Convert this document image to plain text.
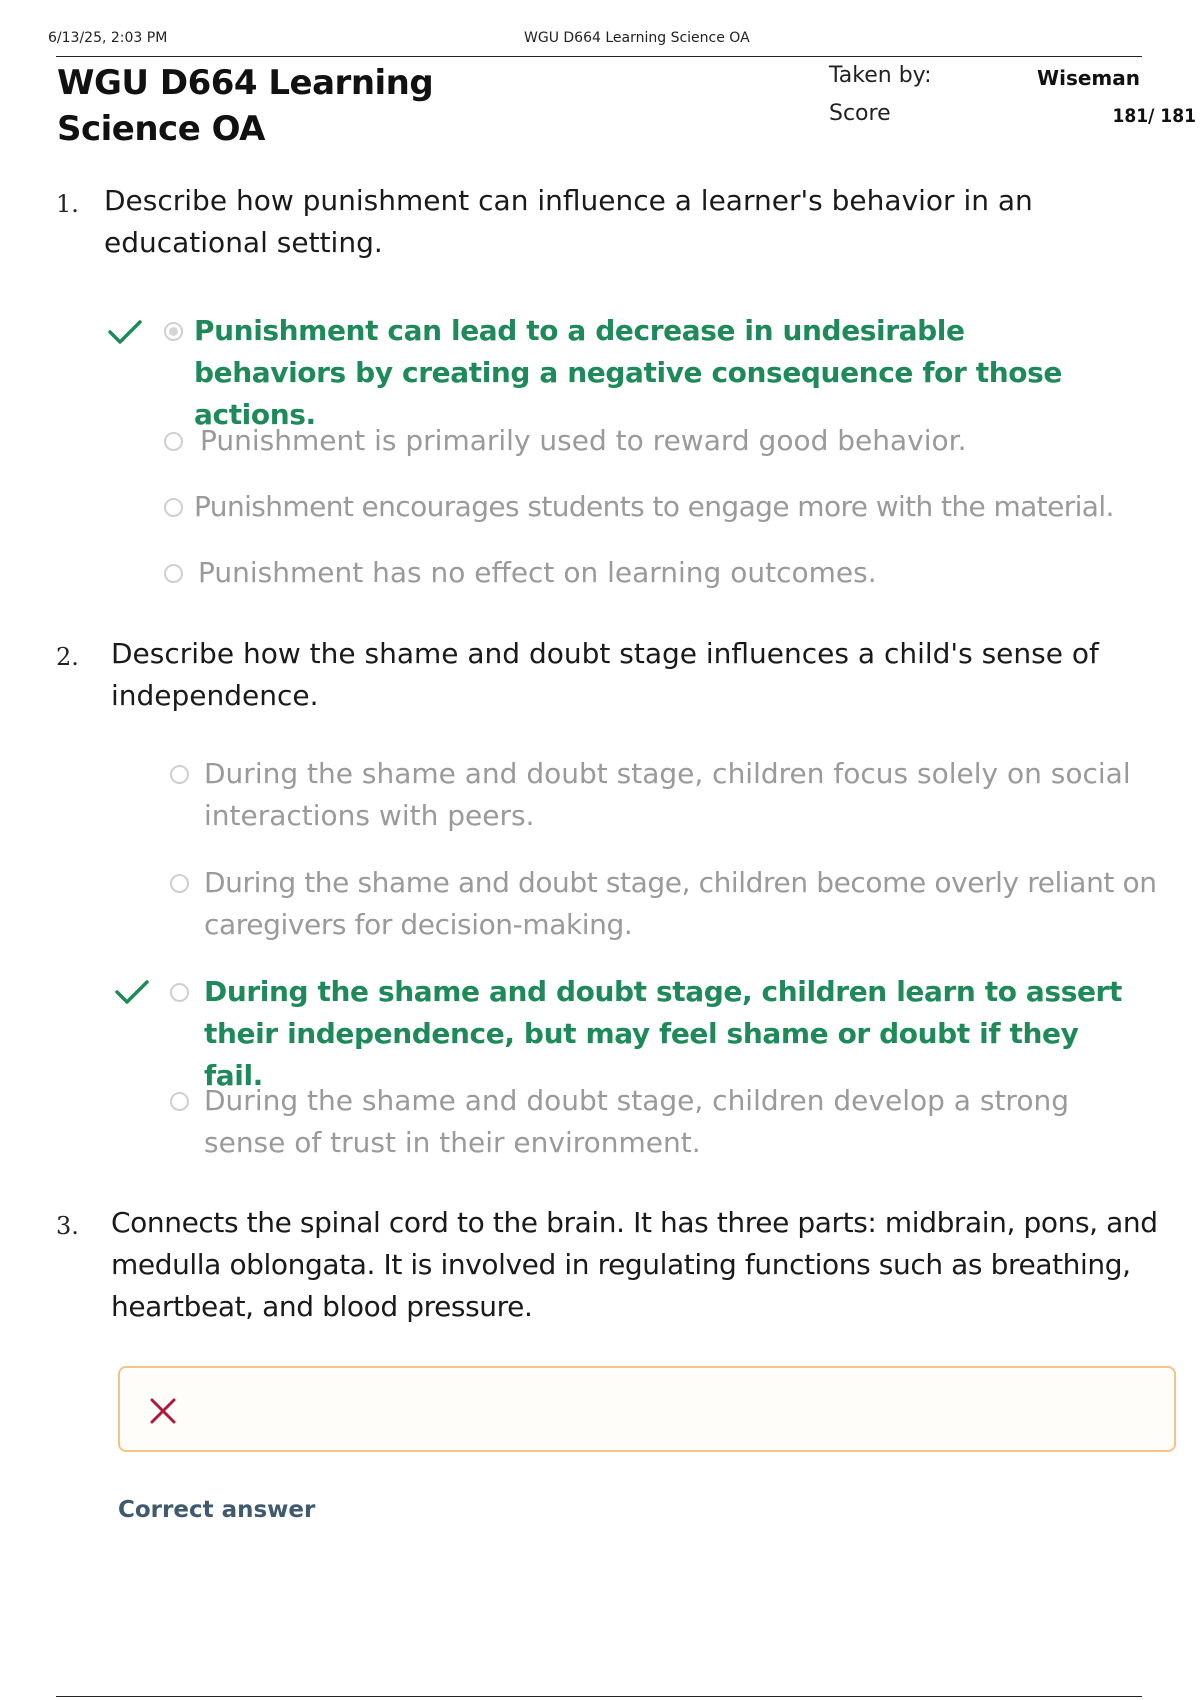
6/13/25, 2:03 PM	WGU D664 Learning Science OA
WGU D664 Learning Science OA
Taken by:	Wiseman
Score	181/ 181
1. Describe how punishment can influence a learner's behavior in an educational setting.
Punishment can lead to a decrease in undesirable behaviors by creating a negative consequence for those actions.
Punishment is primarily used to reward good behavior.
Punishment encourages students to engage more with the material.
Punishment has no effect on learning outcomes.
2. Describe how the shame and doubt stage influences a child's sense of independence.
During the shame and doubt stage, children focus solely on social interactions with peers.
During the shame and doubt stage, children become overly reliant on caregivers for decision-making.
During the shame and doubt stage, children learn to assert their independence, but may feel shame or doubt if they fail.
During the shame and doubt stage, children develop a strong sense of trust in their environment.
3. Connects the spinal cord to the brain. It has three parts: midbrain, pons, and medulla oblongata. It is involved in regulating functions such as breathing, heartbeat, and blood pressure.
Correct answer
